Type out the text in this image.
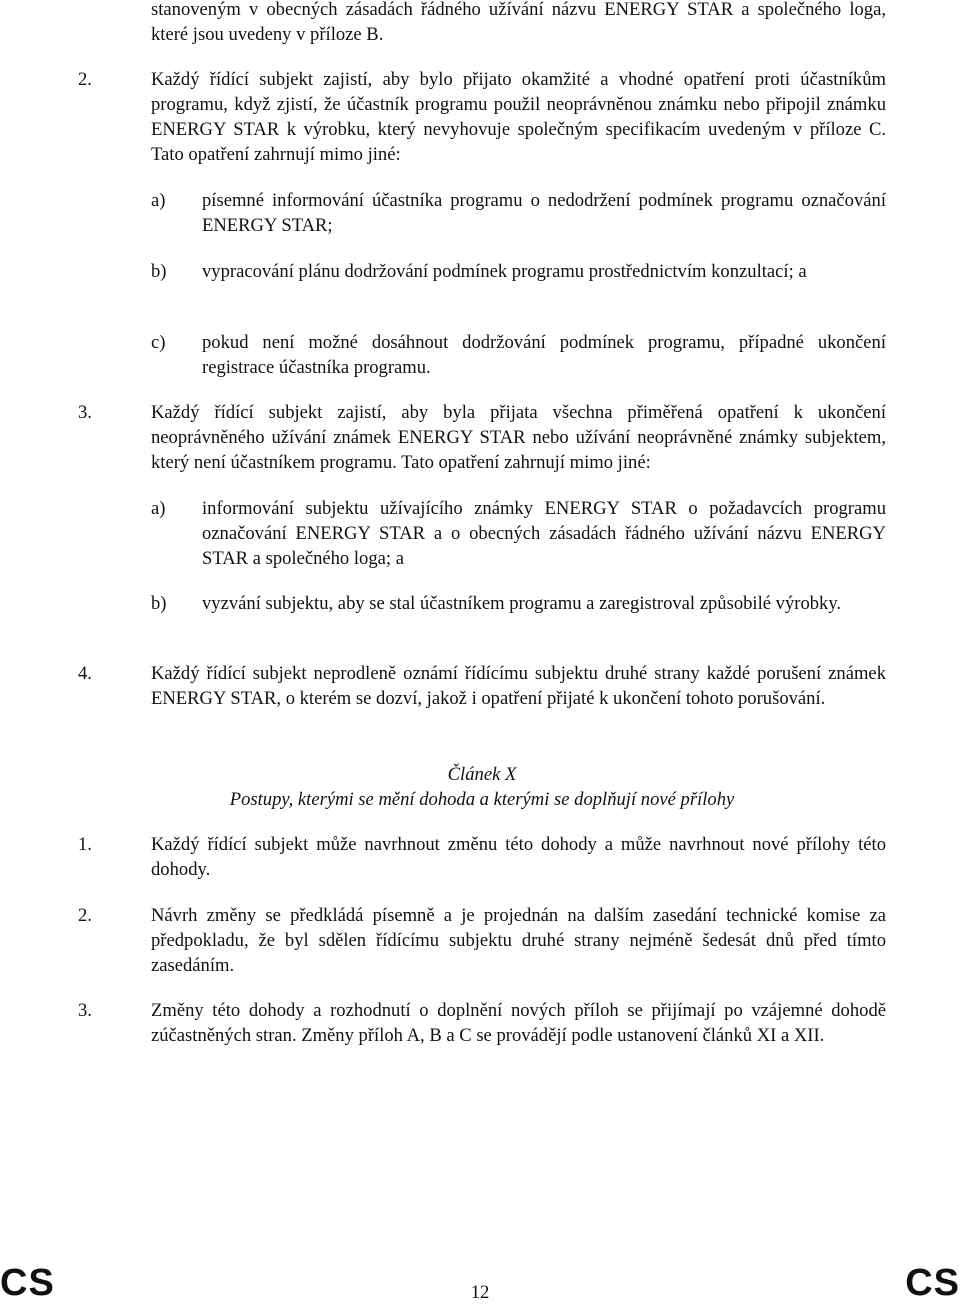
stanoveným v obecných zásadách řádného užívání názvu ENERGY STAR a společného loga, které jsou uvedeny v příloze B.
2.	Každý řídící subjekt zajistí, aby bylo přijato okamžité a vhodné opatření proti účastníkům programu, když zjistí, že účastník programu použil neoprávněnou známku nebo připojil známku ENERGY STAR k výrobku, který nevyhovuje společným specifikacím uvedeným v příloze C. Tato opatření zahrnují mimo jiné:
a)	písemné informování účastníka programu o nedodržení podmínek programu označování ENERGY STAR;
b)	vypracování plánu dodržování podmínek programu prostřednictvím konzultací; a
c)	pokud není možné dosáhnout dodržování podmínek programu, případné ukončení registrace účastníka programu.
3.	Každý řídící subjekt zajistí, aby byla přijata všechna přiměřená opatření k ukončení neoprávněného užívání známek ENERGY STAR nebo užívání neoprávněné známky subjektem, který není účastníkem programu. Tato opatření zahrnují mimo jiné:
a)	informování subjektu užívajícího známky ENERGY STAR o požadavcích programu označování ENERGY STAR a o obecných zásadách řádného užívání názvu ENERGY STAR a společného loga; a
b)	vyzvání subjektu, aby se stal účastníkem programu a zaregistroval způsobilé výrobky.
4.	Každý řídící subjekt neprodleně oznámí řídícímu subjektu druhé strany každé porušení známek ENERGY STAR, o kterém se dozví, jakož i opatření přijaté k ukončení tohoto porušování.
Článek X
Postupy, kterými se mění dohoda a kterými se doplňují nové přílohy
1.	Každý řídící subjekt může navrhnout změnu této dohody a může navrhnout nové přílohy této dohody.
2.	Návrh změny se předkládá písemně a je projednán na dalším zasedání technické komise za předpokladu, že byl sdělen řídícímu subjektu druhé strany nejméně šedesát dnů před tímto zasedáním.
3.	Změny této dohody a rozhodnutí o doplnění nových příloh se přijímají po vzájemné dohodě zúčastněných stran. Změny příloh A, B a C se provádějí podle ustanovení článků XI a XII.
CS	12	CS
